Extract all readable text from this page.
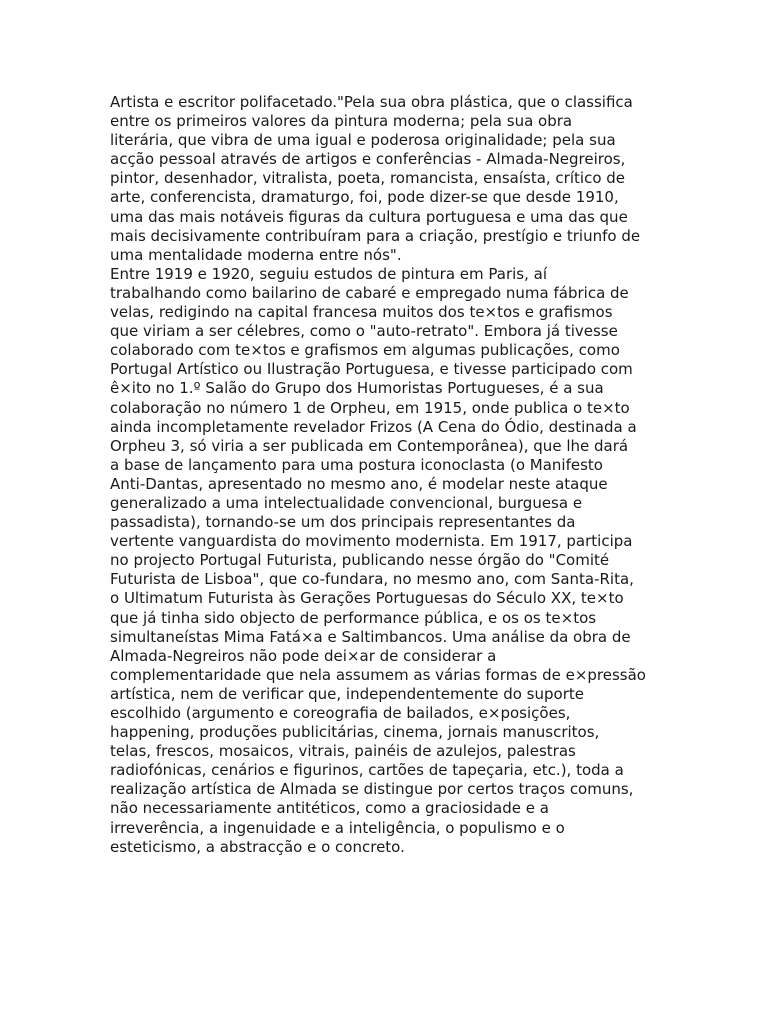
Artista e escritor polifacetado."Pela sua obra plástica, que o classifica
entre os primeiros valores da pintura moderna; pela sua obra
literária, que vibra de uma igual e poderosa originalidade; pela sua
acção pessoal através de artigos e conferências - Almada-Negreiros,
pintor, desenhador, vitralista, poeta, romancista, ensaísta, crítico de
arte, conferencista, dramaturgo, foi, pode dizer-se que desde 1910,
uma das mais notáveis figuras da cultura portuguesa e uma das que
mais decisivamente contribuíram para a criação, prestígio e triunfo de
uma mentalidade moderna entre nós".
Entre 1919 e 1920, seguiu estudos de pintura em Paris, aí
trabalhando como bailarino de cabaré e empregado numa fábrica de
velas, redigindo na capital francesa muitos dos te×tos e grafismos
que viriam a ser célebres, como o "auto-retrato". Embora já tivesse
colaborado com te×tos e grafismos em algumas publicações, como
Portugal Artístico ou Ilustração Portuguesa, e tivesse participado com
ê×ito no 1.º Salão do Grupo dos Humoristas Portugueses, é a sua
colaboração no número 1 de Orpheu, em 1915, onde publica o te×to
ainda incompletamente revelador Frizos (A Cena do Ódio, destinada a
Orpheu 3, só viria a ser publicada em Contemporânea), que lhe dará
a base de lançamento para uma postura iconoclasta (o Manifesto
Anti-Dantas, apresentado no mesmo ano, é modelar neste ataque
generalizado a uma intelectualidade convencional, burguesa e
passadista), tornando-se um dos principais representantes da
vertente vanguardista do movimento modernista. Em 1917, participa
no projecto Portugal Futurista, publicando nesse órgão do "Comité
Futurista de Lisboa", que co-fundara, no mesmo ano, com Santa-Rita,
o Ultimatum Futurista às Gerações Portuguesas do Século XX, te×to
que já tinha sido objecto de performance pública, e os os te×tos
simultaneístas Mima Fatá×a e Saltimbancos. Uma análise da obra de
Almada-Negreiros não pode dei×ar de considerar a
complementaridade que nela assumem as várias formas de e×pressão
artística, nem de verificar que, independentemente do suporte
escolhido (argumento e coreografia de bailados, e×posições,
happening, produções publicitárias, cinema, jornais manuscritos,
telas, frescos, mosaicos, vitrais, painéis de azulejos, palestras
radiofónicas, cenários e figurinos, cartões de tapeçaria, etc.), toda a
realização artística de Almada se distingue por certos traços comuns,
não necessariamente antitéticos, como a graciosidade e a
irreverência, a ingenuidade e a inteligência, o populismo e o
esteticismo, a abstracção e o concreto.
